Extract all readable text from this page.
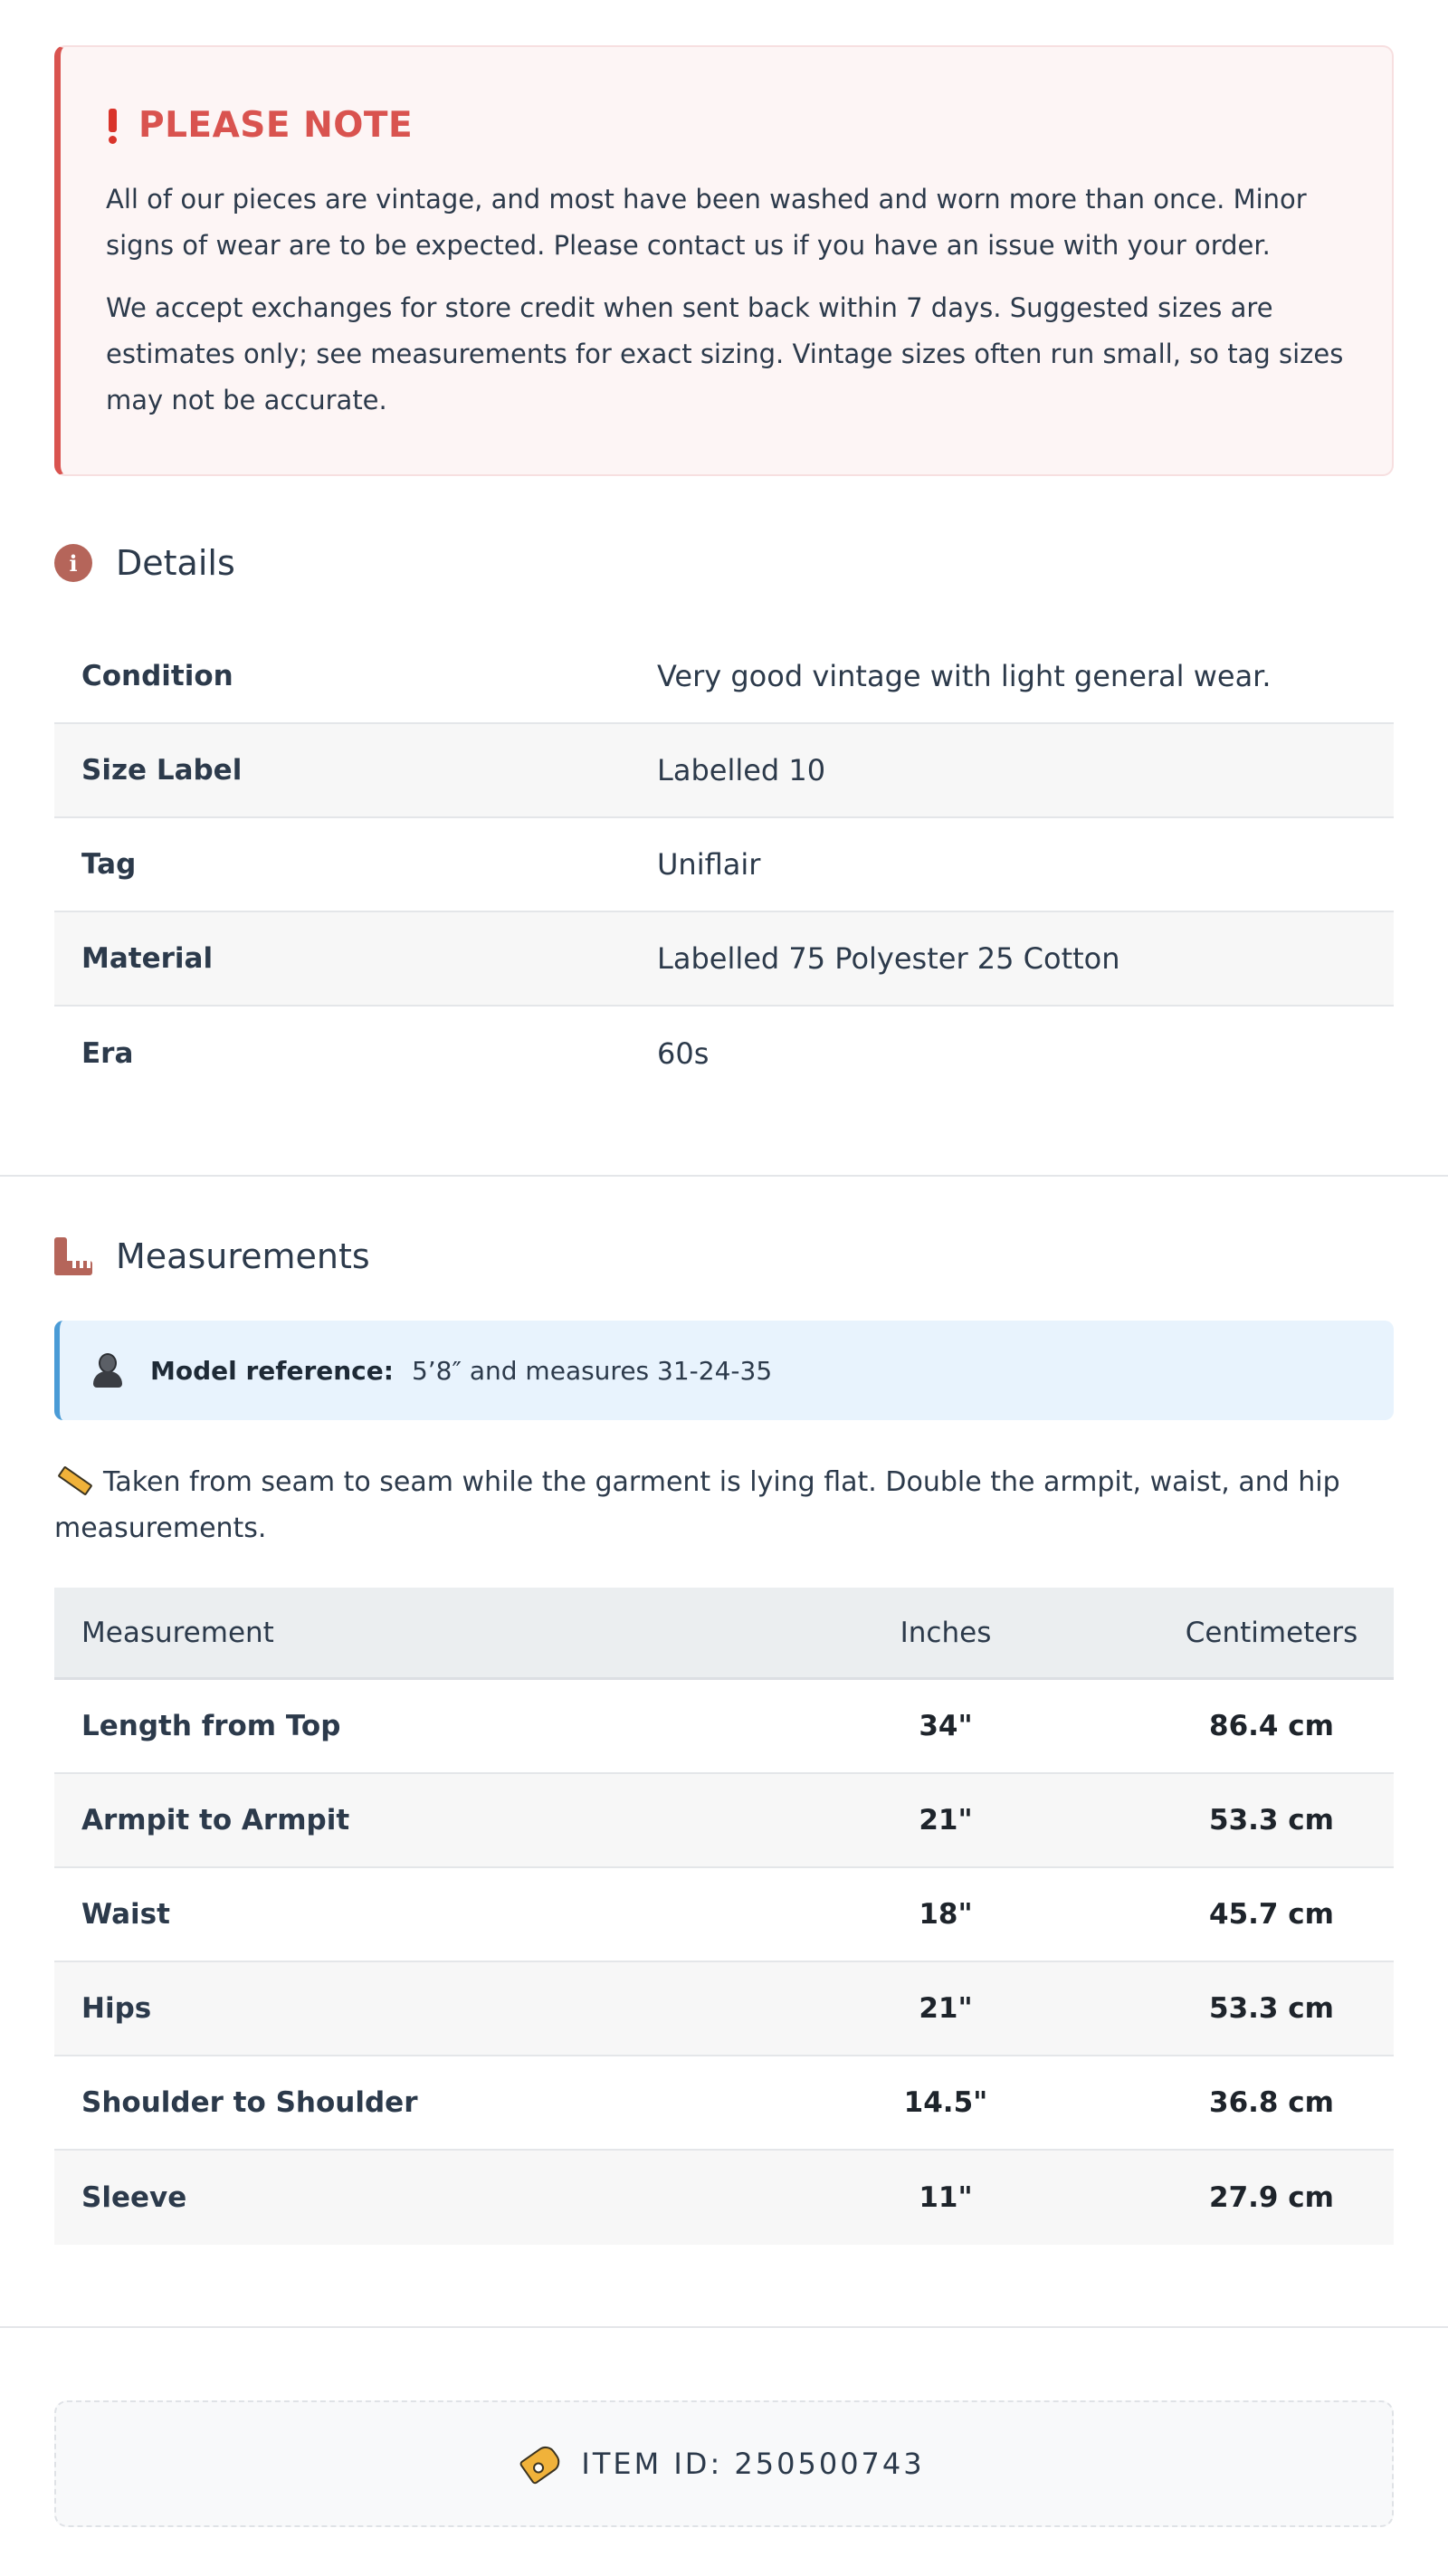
PLEASE NOTE

All of our pieces are vintage, and most have been washed and worn more than once. Minor signs of wear are to be expected. Please contact us if you have an issue with your order.

We accept exchanges for store credit when sent back within 7 days. Suggested sizes are estimates only; see measurements for exact sizing. Vintage sizes often run small, so tag sizes may not be accurate.

i	Details
Condition	Very good vintage with light general wear.
Size Label	Labelled 10
Tag	Uniflair
Material	Labelled 75 Polyester 25 Cotton
Era	60s
Measurements
Model reference: 5’8″ and measures 31-24-35
Taken from seam to seam while the garment is lying flat. Double the armpit, waist, and hip measurements.
Measurement	Inches	Centimeters
Length from Top	34"	86.4 cm
Armpit to Armpit	21"	53.3 cm
Waist	18"	45.7 cm
Hips	21"	53.3 cm
Shoulder to Shoulder	14.5"	36.8 cm
Sleeve	11"	27.9 cm
ITEM ID: 250500743
